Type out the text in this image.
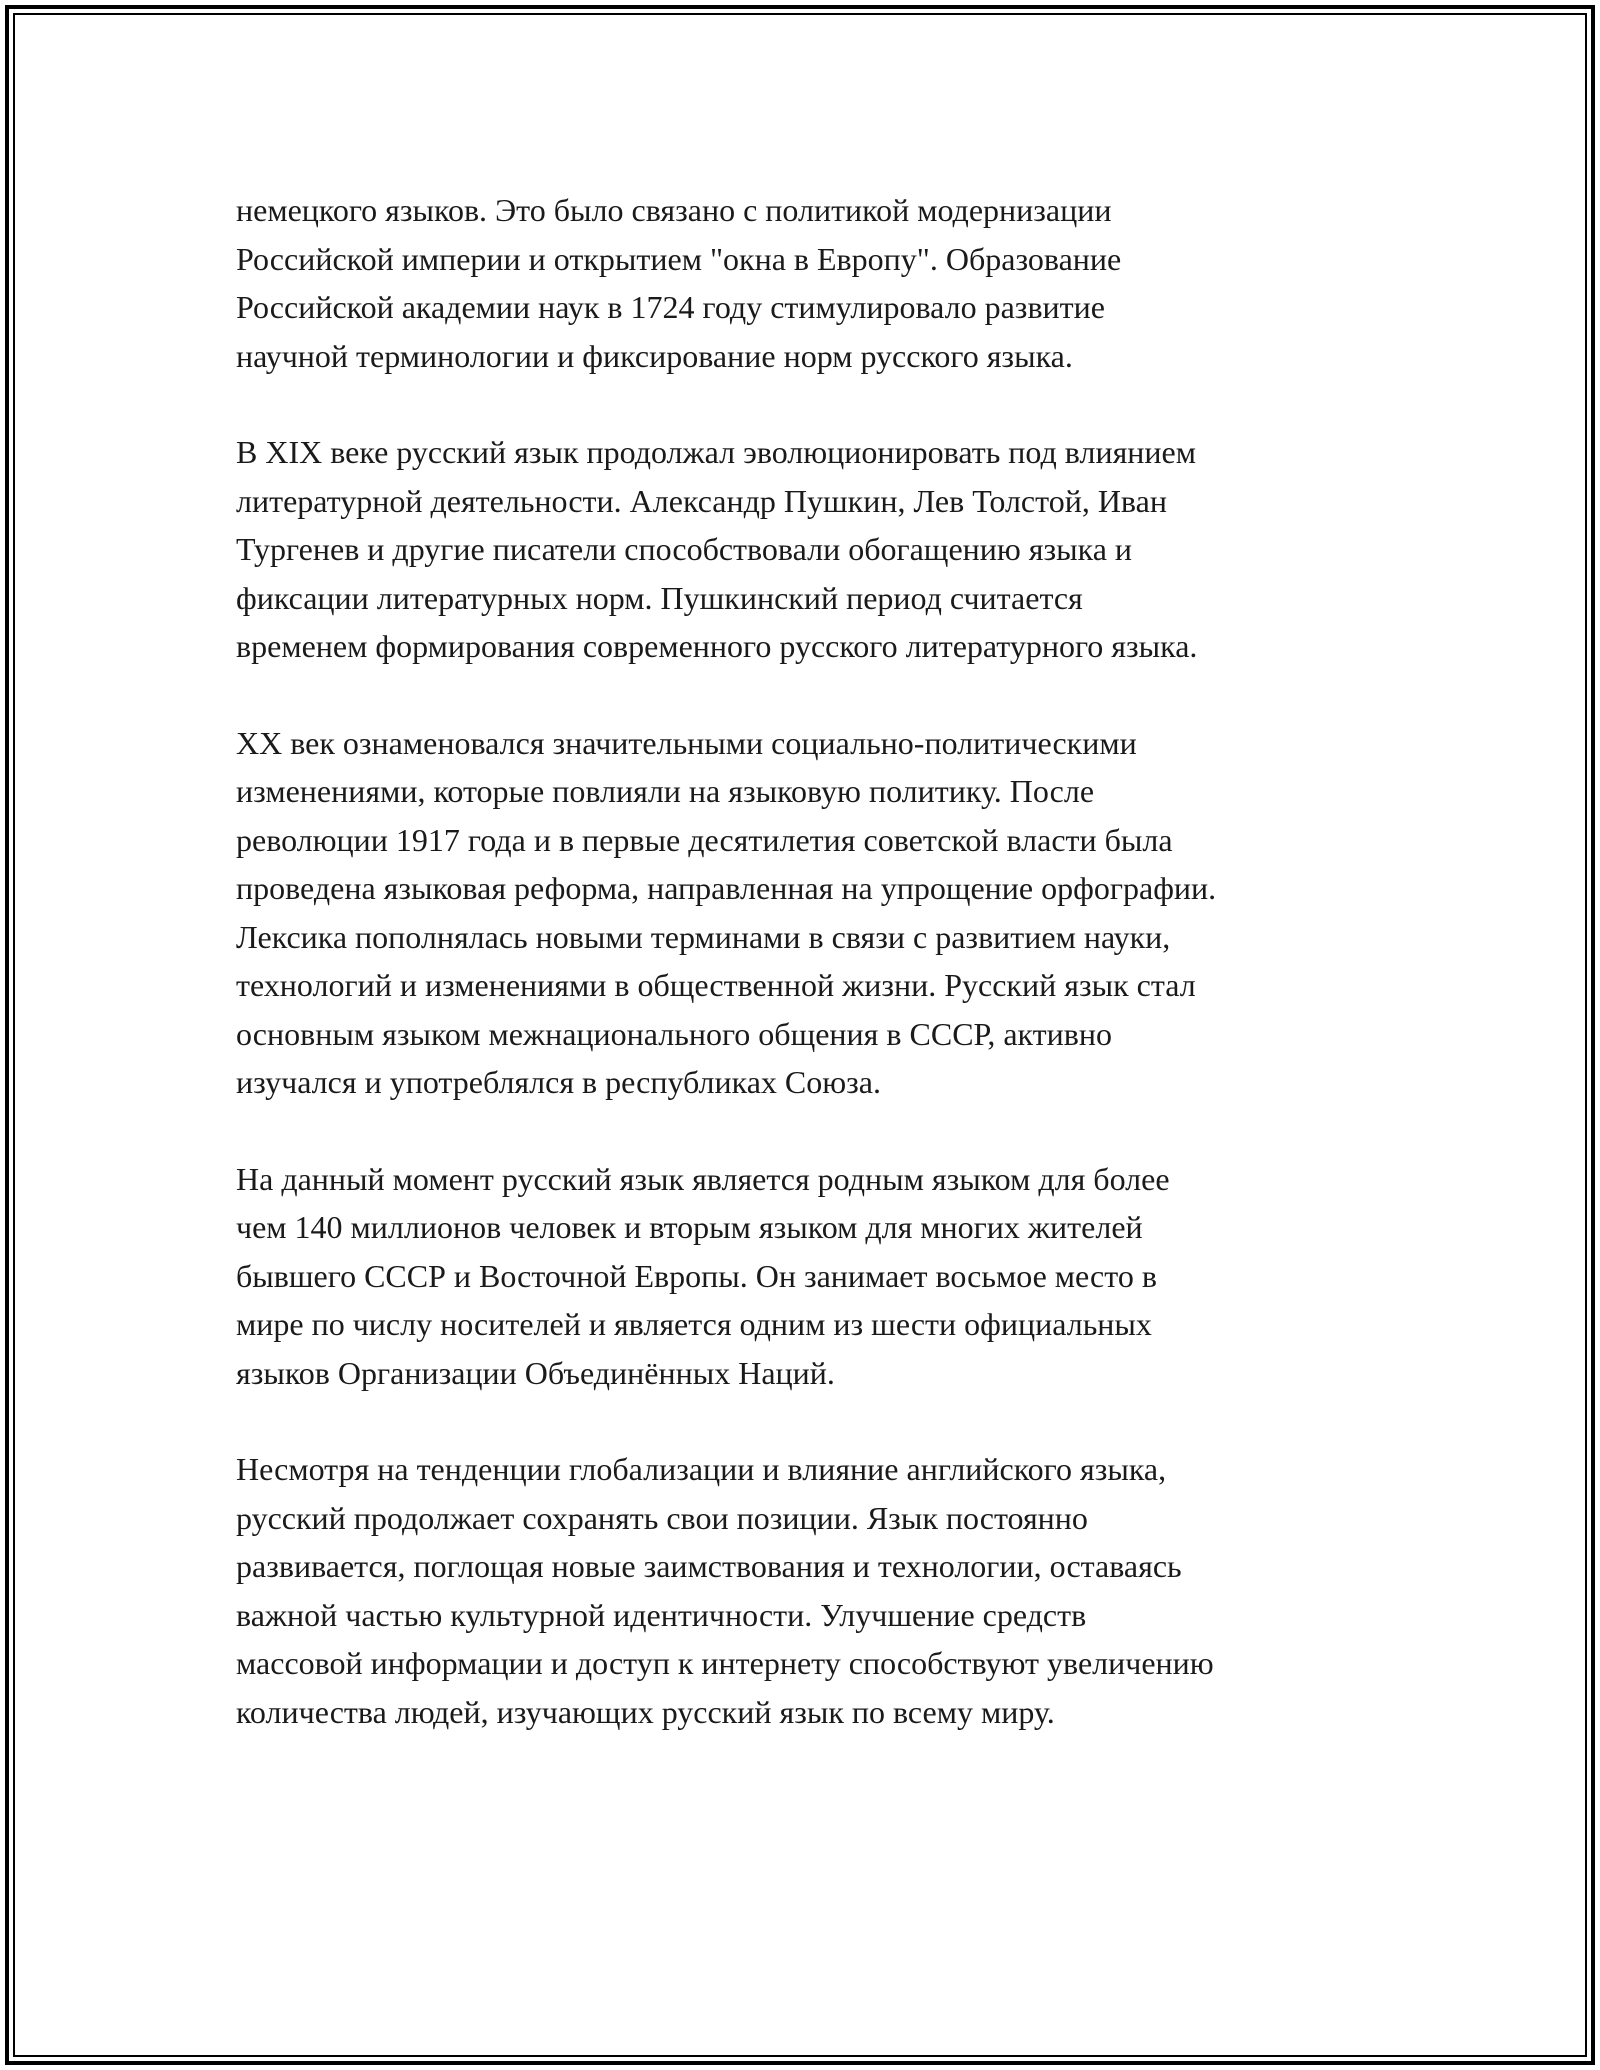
немецкого языков. Это было связано с политикой модернизации
Российской империи и открытием "окна в Европу". Образование
Российской академии наук в 1724 году стимулировало развитие
научной терминологии и фиксирование норм русского языка.

В XIX веке русский язык продолжал эволюционировать под влиянием
литературной деятельности. Александр Пушкин, Лев Толстой, Иван
Тургенев и другие писатели способствовали обогащению языка и
фиксации литературных норм. Пушкинский период считается
временем формирования современного русского литературного языка.

XX век ознаменовался значительными социально-политическими
изменениями, которые повлияли на языковую политику. После
революции 1917 года и в первые десятилетия советской власти была
проведена языковая реформа, направленная на упрощение орфографии.
Лексика пополнялась новыми терминами в связи с развитием науки,
технологий и изменениями в общественной жизни. Русский язык стал
основным языком межнационального общения в СССР, активно
изучался и употреблялся в республиках Союза.

На данный момент русский язык является родным языком для более
чем 140 миллионов человек и вторым языком для многих жителей
бывшего СССР и Восточной Европы. Он занимает восьмое место в
мире по числу носителей и является одним из шести официальных
языков Организации Объединённых Наций.

Несмотря на тенденции глобализации и влияние английского языка,
русский продолжает сохранять свои позиции. Язык постоянно
развивается, поглощая новые заимствования и технологии, оставаясь
важной частью культурной идентичности. Улучшение средств
массовой информации и доступ к интернету способствуют увеличению
количества людей, изучающих русский язык по всему миру.
